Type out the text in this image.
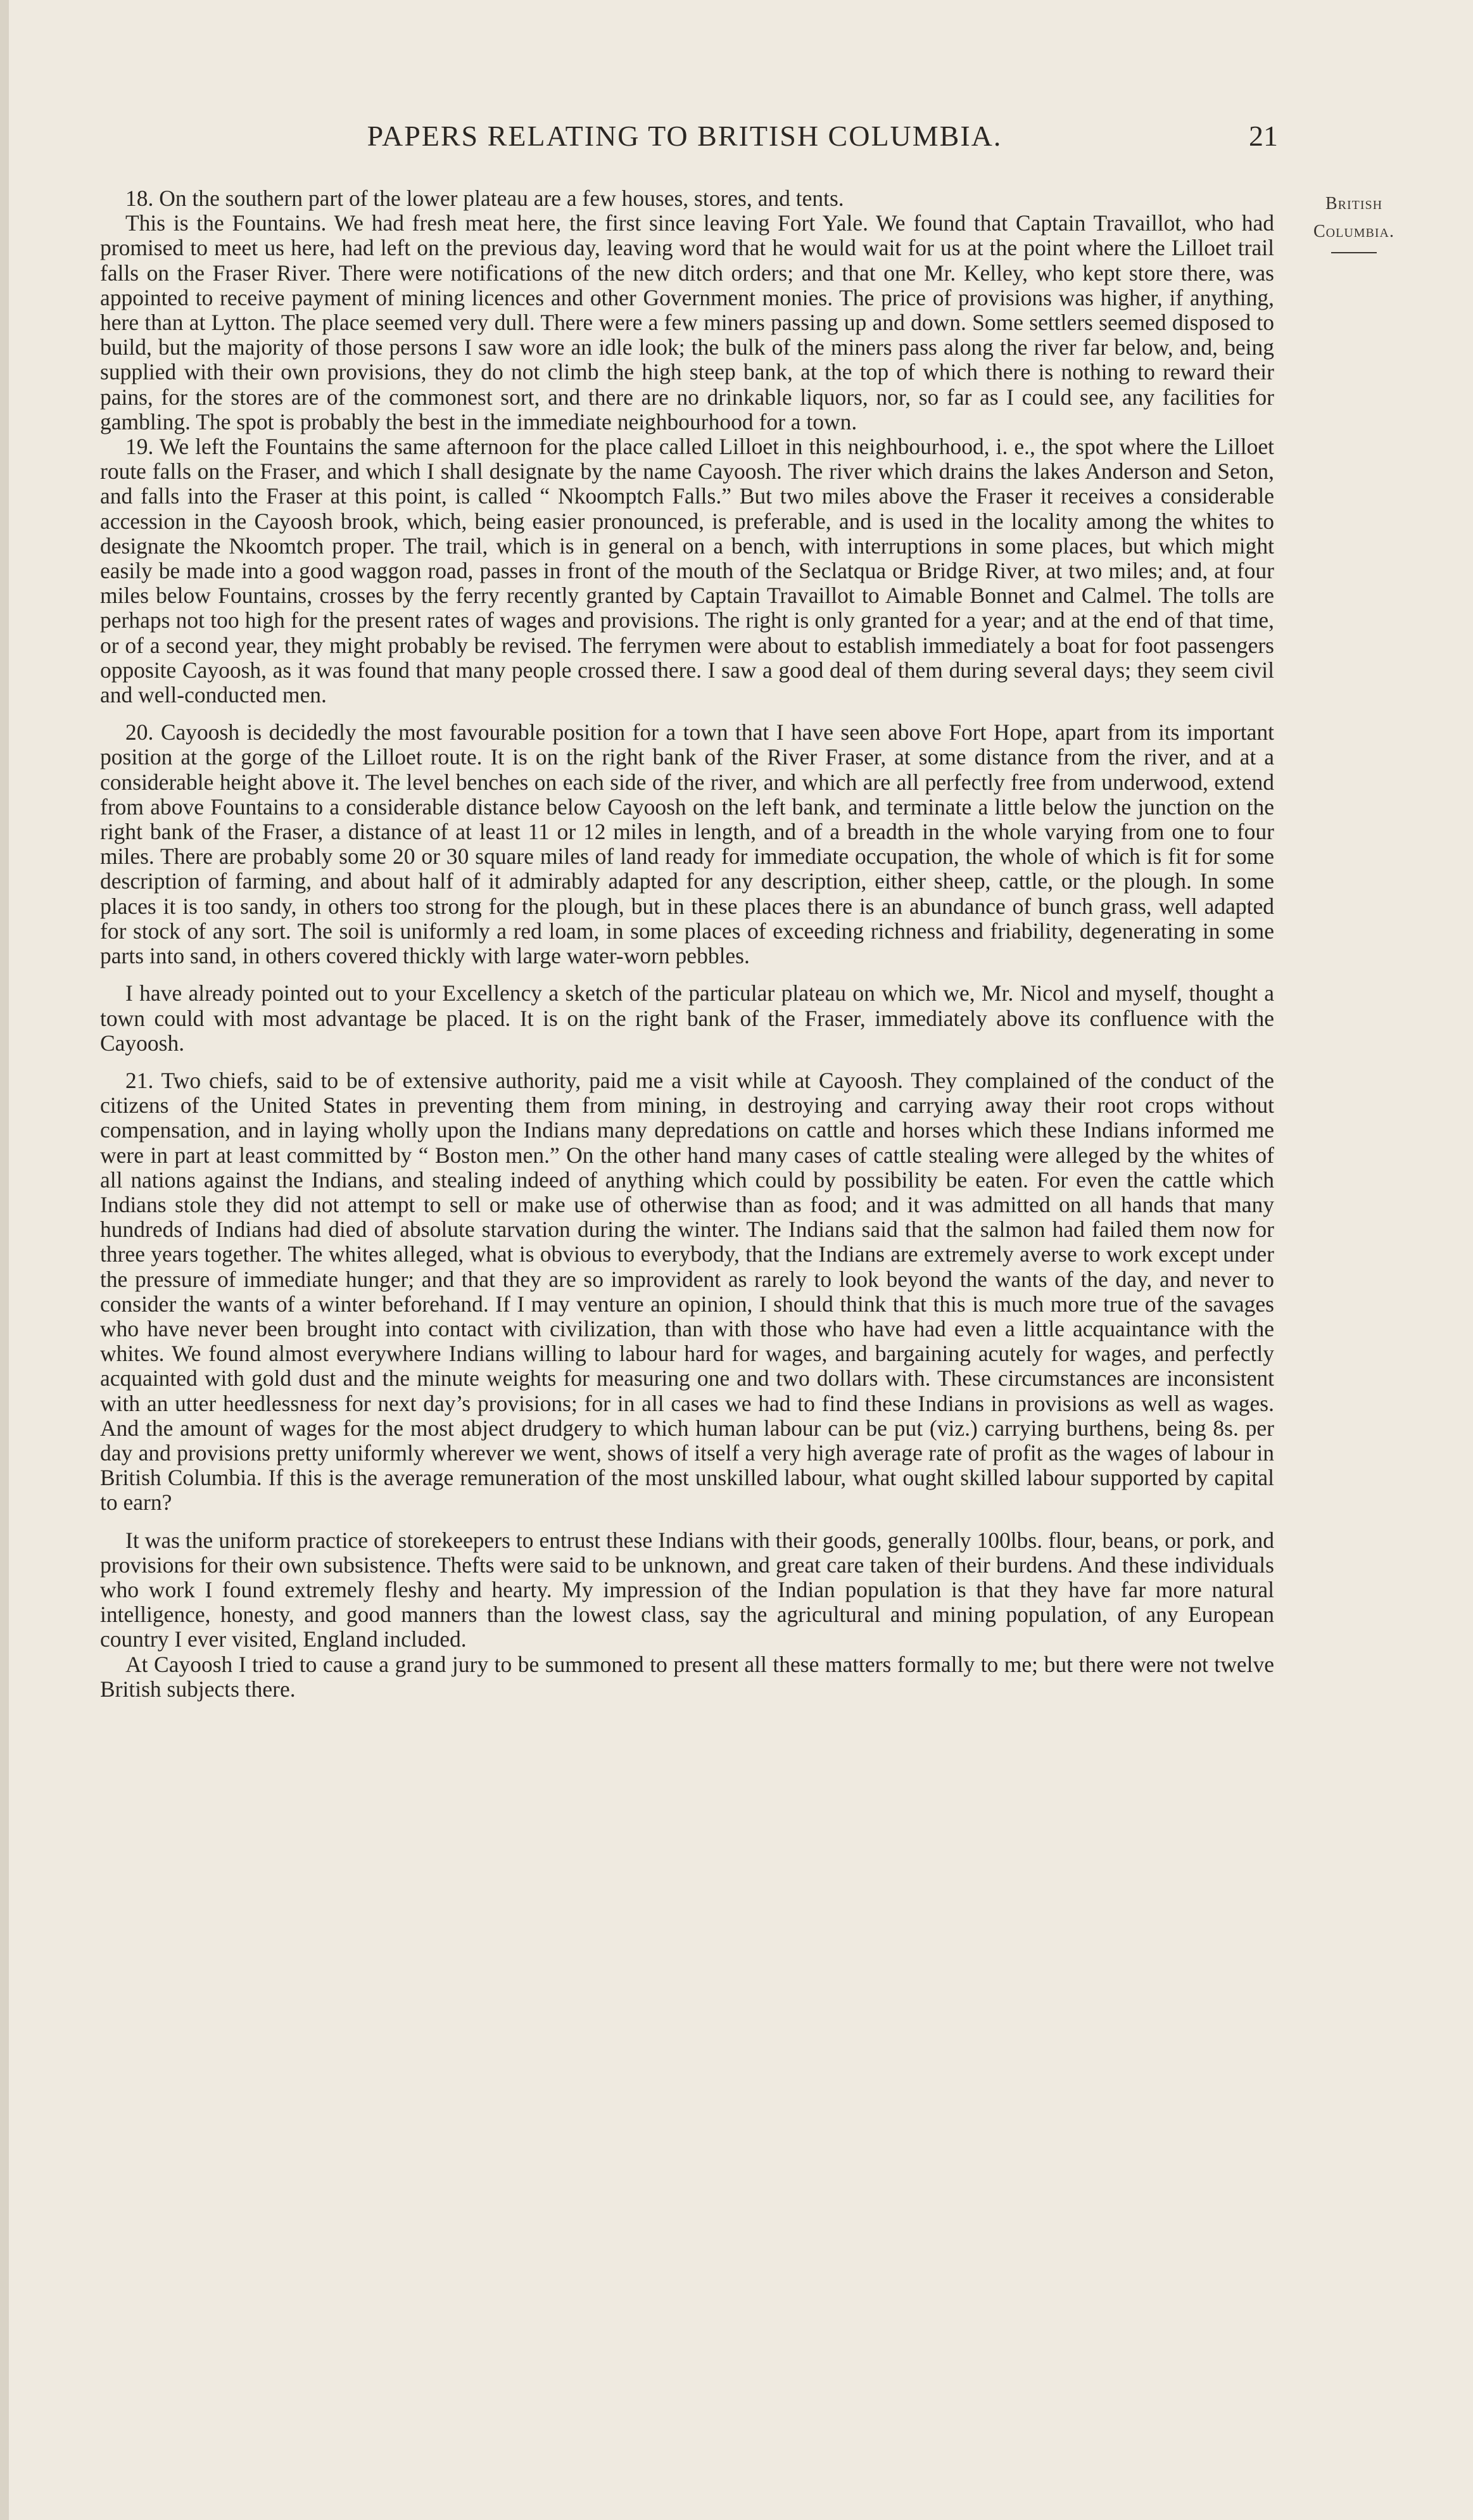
PAPERS RELATING TO BRITISH COLUMBIA.	21
British
Columbia.

18. On the southern part of the lower plateau are a few houses, stores, and tents.

This is the Fountains. We had fresh meat here, the first since leaving Fort Yale. We found that Captain Travaillot, who had promised to meet us here, had left on the previous day, leaving word that he would wait for us at the point where the Lilloet trail falls on the Fraser River. There were notifications of the new ditch orders; and that one Mr. Kelley, who kept store there, was appointed to receive payment of mining licences and other Government monies. The price of provisions was higher, if anything, here than at Lytton. The place seemed very dull. There were a few miners passing up and down. Some settlers seemed disposed to build, but the majority of those persons I saw wore an idle look; the bulk of the miners pass along the river far below, and, being supplied with their own provisions, they do not climb the high steep bank, at the top of which there is nothing to reward their pains, for the stores are of the commonest sort, and there are no drinkable liquors, nor, so far as I could see, any facilities for gambling. The spot is probably the best in the immediate neighbourhood for a town.

19. We left the Fountains the same afternoon for the place called Lilloet in this neighbourhood, i. e., the spot where the Lilloet route falls on the Fraser, and which I shall designate by the name Cayoosh. The river which drains the lakes Anderson and Seton, and falls into the Fraser at this point, is called “ Nkoomptch Falls.” But two miles above the Fraser it receives a considerable accession in the Cayoosh brook, which, being easier pronounced, is preferable, and is used in the locality among the whites to designate the Nkoomtch proper. The trail, which is in general on a bench, with interruptions in some places, but which might easily be made into a good waggon road, passes in front of the mouth of the Seclatqua or Bridge River, at two miles; and, at four miles below Fountains, crosses by the ferry recently granted by Captain Travaillot to Aimable Bonnet and Calmel. The tolls are perhaps not too high for the present rates of wages and provisions. The right is only granted for a year; and at the end of that time, or of a second year, they might probably be revised. The ferrymen were about to establish immediately a boat for foot passengers opposite Cayoosh, as it was found that many people crossed there. I saw a good deal of them during several days; they seem civil and well-conducted men.

20. Cayoosh is decidedly the most favourable position for a town that I have seen above Fort Hope, apart from its important position at the gorge of the Lilloet route. It is on the right bank of the River Fraser, at some distance from the river, and at a considerable height above it. The level benches on each side of the river, and which are all perfectly free from underwood, extend from above Fountains to a considerable distance below Cayoosh on the left bank, and terminate a little below the junction on the right bank of the Fraser, a distance of at least 11 or 12 miles in length, and of a breadth in the whole varying from one to four miles. There are probably some 20 or 30 square miles of land ready for immediate occupation, the whole of which is fit for some description of farming, and about half of it admirably adapted for any description, either sheep, cattle, or the plough. In some places it is too sandy, in others too strong for the plough, but in these places there is an abundance of bunch grass, well adapted for stock of any sort. The soil is uniformly a red loam, in some places of exceeding richness and friability, degenerating in some parts into sand, in others covered thickly with large water-worn pebbles.

I have already pointed out to your Excellency a sketch of the particular plateau on which we, Mr. Nicol and myself, thought a town could with most advantage be placed. It is on the right bank of the Fraser, immediately above its confluence with the Cayoosh.

21. Two chiefs, said to be of extensive authority, paid me a visit while at Cayoosh. They complained of the conduct of the citizens of the United States in preventing them from mining, in destroying and carrying away their root crops without compensation, and in laying wholly upon the Indians many depredations on cattle and horses which these Indians informed me were in part at least committed by “ Boston men.” On the other hand many cases of cattle stealing were alleged by the whites of all nations against the Indians, and stealing indeed of anything which could by possibility be eaten. For even the cattle which Indians stole they did not attempt to sell or make use of otherwise than as food; and it was admitted on all hands that many hundreds of Indians had died of absolute starvation during the winter. The Indians said that the salmon had failed them now for three years together. The whites alleged, what is obvious to everybody, that the Indians are extremely averse to work except under the pressure of immediate hunger; and that they are so improvident as rarely to look beyond the wants of the day, and never to consider the wants of a winter beforehand. If I may venture an opinion, I should think that this is much more true of the savages who have never been brought into contact with civilization, than with those who have had even a little acquaintance with the whites. We found almost everywhere Indians willing to labour hard for wages, and bargaining acutely for wages, and perfectly acquainted with gold dust and the minute weights for measuring one and two dollars with. These circumstances are inconsistent with an utter heedlessness for next day’s provisions; for in all cases we had to find these Indians in provisions as well as wages. And the amount of wages for the most abject drudgery to which human labour can be put (viz.) carrying burthens, being 8s. per day and provisions pretty uniformly wherever we went, shows of itself a very high average rate of profit as the wages of labour in British Columbia. If this is the average remuneration of the most unskilled labour, what ought skilled labour supported by capital to earn?

It was the uniform practice of storekeepers to entrust these Indians with their goods, generally 100lbs. flour, beans, or pork, and provisions for their own subsistence. Thefts were said to be unknown, and great care taken of their burdens. And these individuals who work I found extremely fleshy and hearty. My impression of the Indian population is that they have far more natural intelligence, honesty, and good manners than the lowest class, say the agricultural and mining population, of any European country I ever visited, England included.

At Cayoosh I tried to cause a grand jury to be summoned to present all these matters formally to me; but there were not twelve British subjects there.
